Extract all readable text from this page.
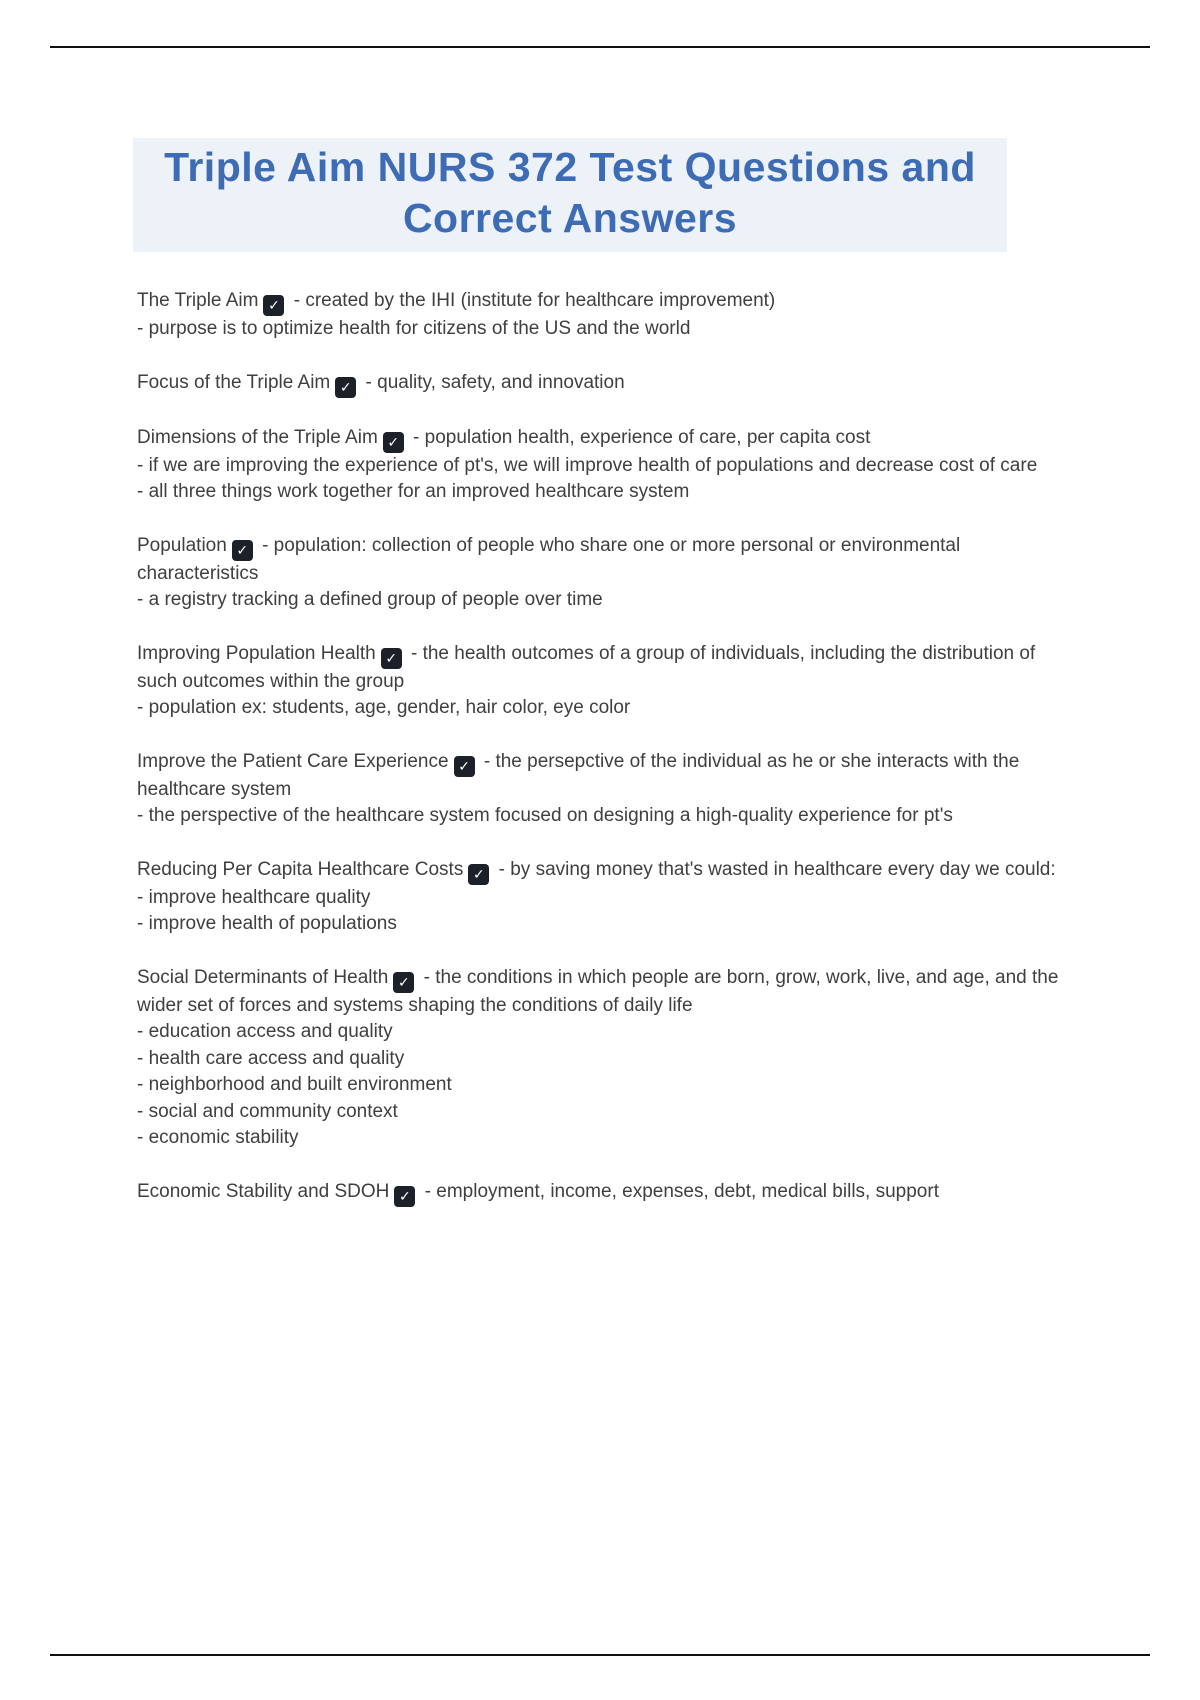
Triple Aim NURS 372 Test Questions and
Correct Answers
The Triple Aim ✓ - created by the IHI (institute for healthcare improvement)
- purpose is to optimize health for citizens of the US and the world
Focus of the Triple Aim ✓ - quality, safety, and innovation
Dimensions of the Triple Aim ✓ - population health, experience of care, per capita cost
- if we are improving the experience of pt's, we will improve health of populations and decrease cost of care
- all three things work together for an improved healthcare system
Population ✓ - population: collection of people who share one or more personal or environmental characteristics
- a registry tracking a defined group of people over time
Improving Population Health ✓ - the health outcomes of a group of individuals, including the distribution of such outcomes within the group
- population ex: students, age, gender, hair color, eye color
Improve the Patient Care Experience ✓ - the persepctive of the individual as he or she interacts with the healthcare system
- the perspective of the healthcare system focused on designing a high-quality experience for pt's
Reducing Per Capita Healthcare Costs ✓ - by saving money that's wasted in healthcare every day we could:
- improve healthcare quality
- improve health of populations
Social Determinants of Health ✓ - the conditions in which people are born, grow, work, live, and age, and the wider set of forces and systems shaping the conditions of daily life
- education access and quality
- health care access and quality
- neighborhood and built environment
- social and community context
- economic stability
Economic Stability and SDOH ✓ - employment, income, expenses, debt, medical bills, support
